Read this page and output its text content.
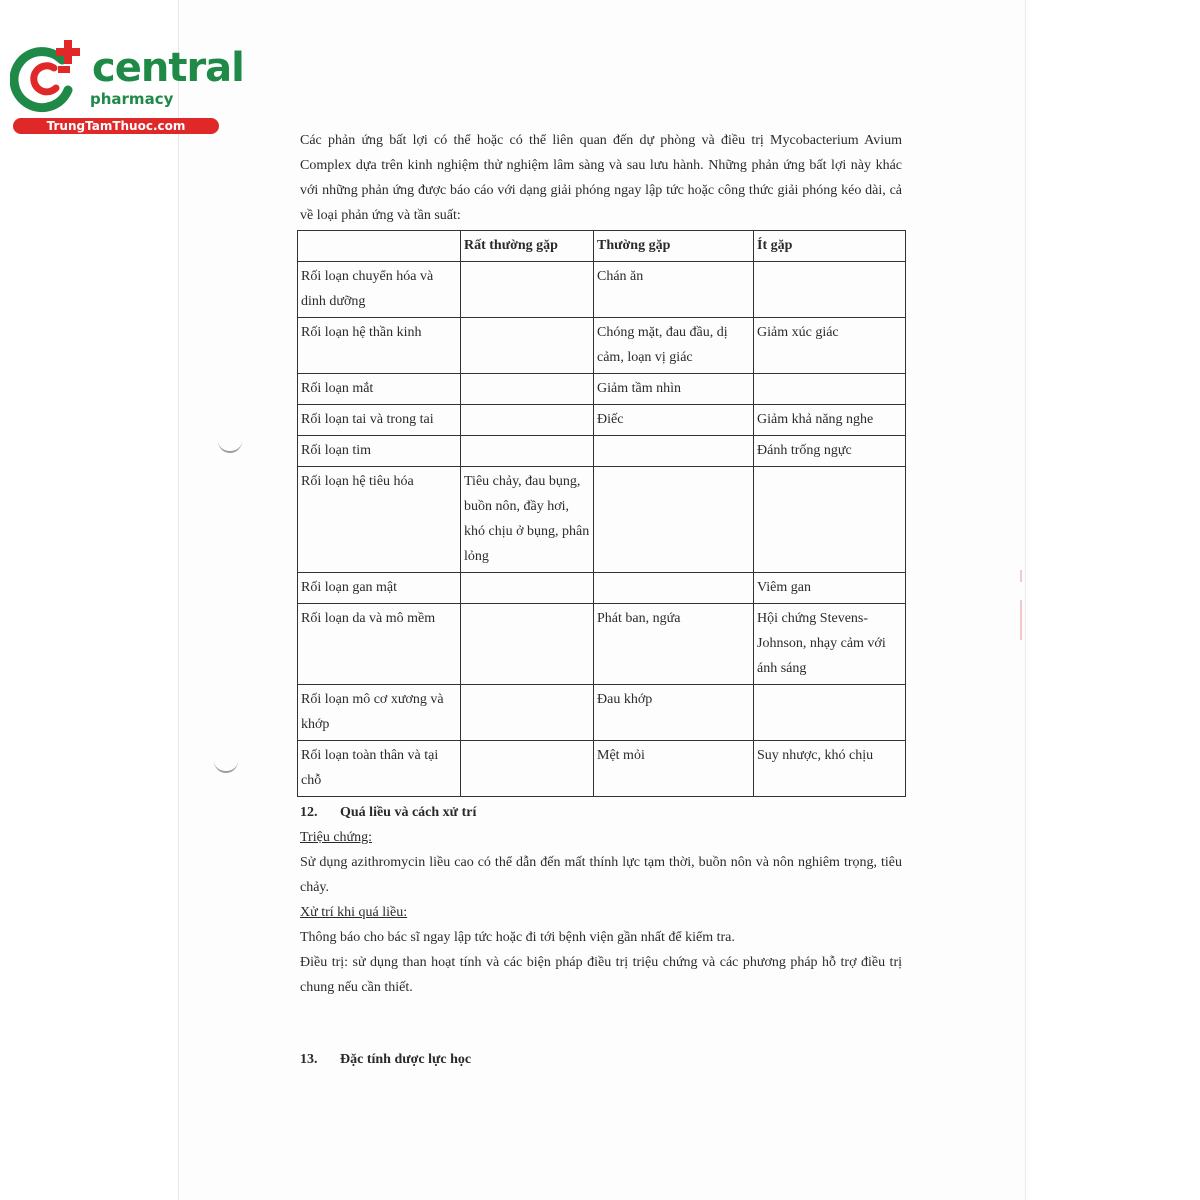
central
pharmacy
TrungTamThuoc.com

Các phản ứng bất lợi có thể hoặc có thể liên quan đến dự phòng và điều trị Mycobacterium Avium Complex dựa trên kinh nghiệm thử nghiệm lâm sàng và sau lưu hành. Những phản ứng bất lợi này khác với những phản ứng được báo cáo với dạng giải phóng ngay lập tức hoặc công thức giải phóng kéo dài, cả về loại phản ứng và tần suất:

	Rất thường gặp	Thường gặp	Ít gặp
Rối loạn chuyển hóa và dinh dưỡng		Chán ăn	
Rối loạn hệ thần kinh		Chóng mặt, đau đầu, dị cảm, loạn vị giác	Giảm xúc giác
Rối loạn mắt		Giảm tầm nhìn	
Rối loạn tai và trong tai		Điếc	Giảm khả năng nghe
Rối loạn tim			Đánh trống ngực
Rối loạn hệ tiêu hóa	Tiêu chảy, đau bụng, buồn nôn, đầy hơi, khó chịu ở bụng, phân lỏng		
Rối loạn gan mật			Viêm gan
Rối loạn da và mô mềm		Phát ban, ngứa	Hội chứng Stevens-Johnson, nhạy cảm với ánh sáng
Rối loạn mô cơ xương và khớp		Đau khớp	
Rối loạn toàn thân và tại chỗ		Mệt mỏi	Suy nhược, khó chịu
12. Quá liều và cách xử trí
Triệu chứng:

Sử dụng azithromycin liều cao có thể dẫn đến mất thính lực tạm thời, buồn nôn và nôn nghiêm trọng, tiêu chảy.

Xử trí khi quá liều:

Thông báo cho bác sĩ ngay lập tức hoặc đi tới bệnh viện gần nhất để kiểm tra.

Điều trị: sử dụng than hoạt tính và các biện pháp điều trị triệu chứng và các phương pháp hỗ trợ điều trị chung nếu cần thiết.

13. Đặc tính dược lực học
